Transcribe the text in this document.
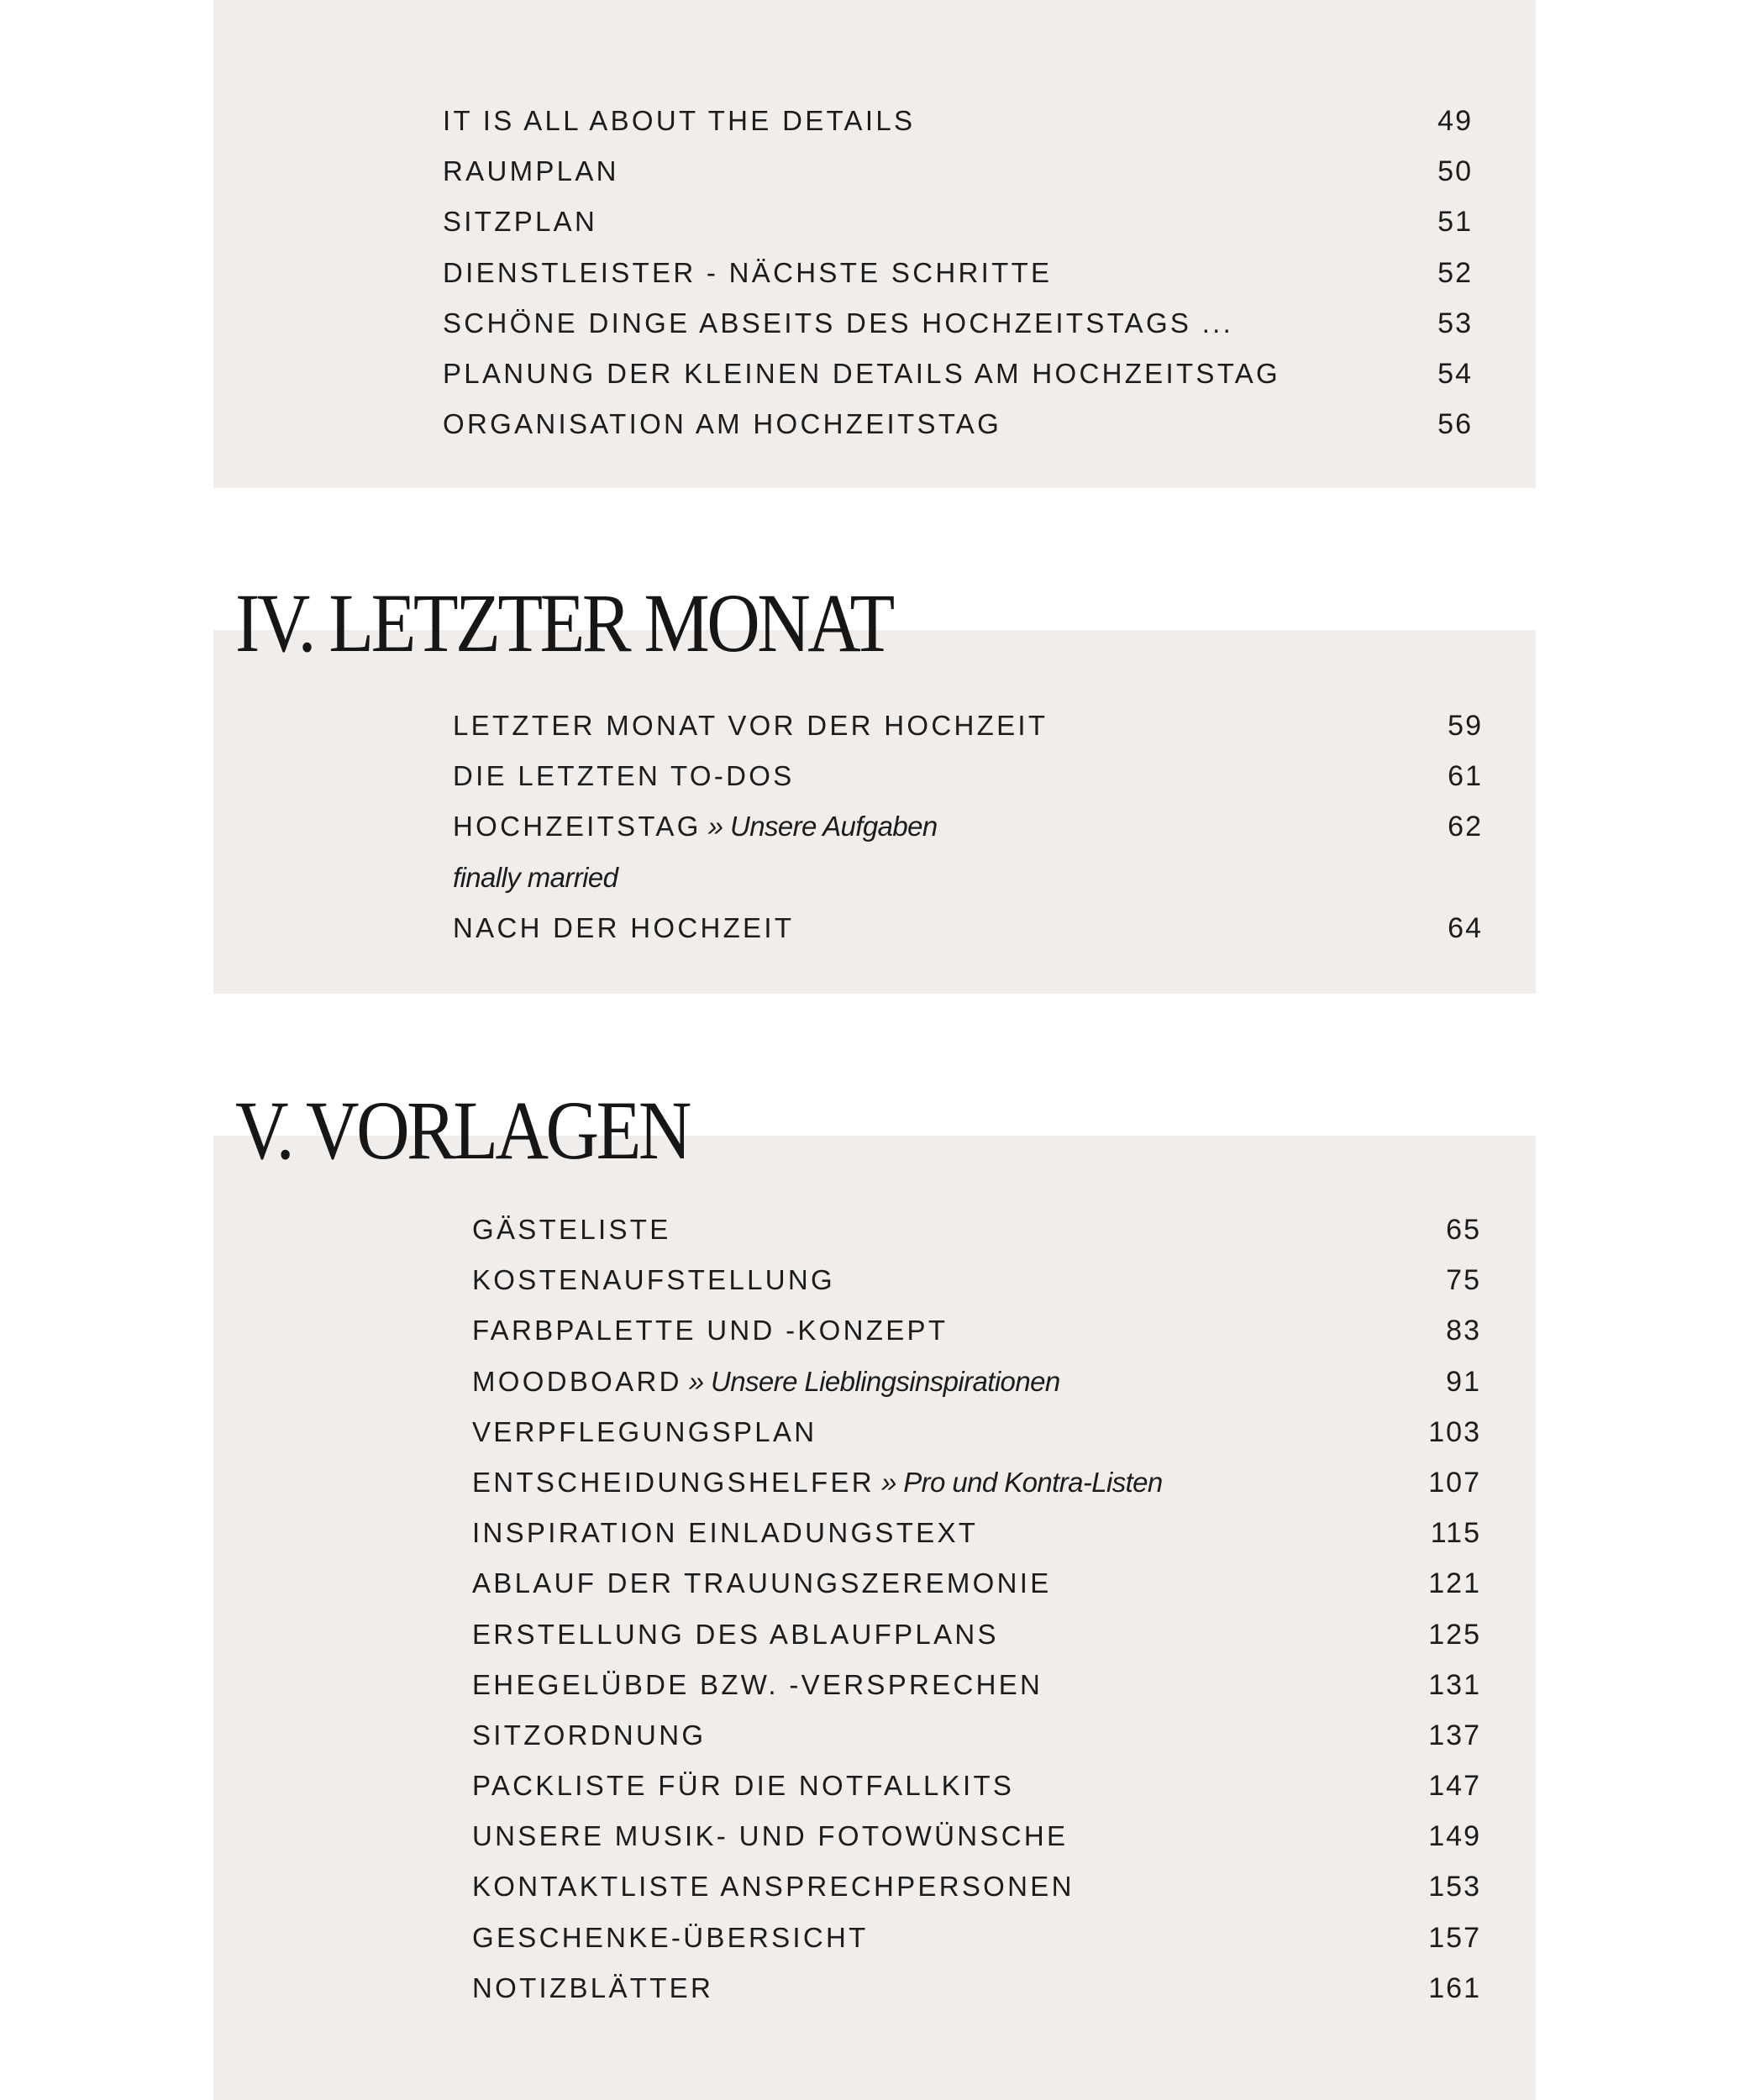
IV. LETZTER MONAT
V. VORLAGEN
IT IS ALL ABOUT THE DETAILS	49
RAUMPLAN	50
SITZPLAN	51
DIENSTLEISTER - NÄCHSTE SCHRITTE	52
SCHÖNE DINGE ABSEITS DES HOCHZEITSTAGS ...	53
PLANUNG DER KLEINEN DETAILS AM HOCHZEITSTAG	54
ORGANISATION AM HOCHZEITSTAG	56
LETZTER MONAT VOR DER HOCHZEIT	59
DIE LETZTEN TO-DOS	61
HOCHZEITSTAG » Unsere Aufgaben	62
finally married
NACH DER HOCHZEIT	64
GÄSTELISTE	65
KOSTENAUFSTELLUNG	75
FARBPALETTE UND -KONZEPT	83
MOODBOARD » Unsere Lieblingsinspirationen	91
VERPFLEGUNGSPLAN	103
ENTSCHEIDUNGSHELFER » Pro und Kontra-Listen	107
INSPIRATION EINLADUNGSTEXT	115
ABLAUF DER TRAUUNGSZEREMONIE	121
ERSTELLUNG DES ABLAUFPLANS	125
EHEGELÜBDE BZW. -VERSPRECHEN	131
SITZORDNUNG	137
PACKLISTE FÜR DIE NOTFALLKITS	147
UNSERE MUSIK- UND FOTOWÜNSCHE	149
KONTAKTLISTE ANSPRECHPERSONEN	153
GESCHENKE-ÜBERSICHT	157
NOTIZBLÄTTER	161
